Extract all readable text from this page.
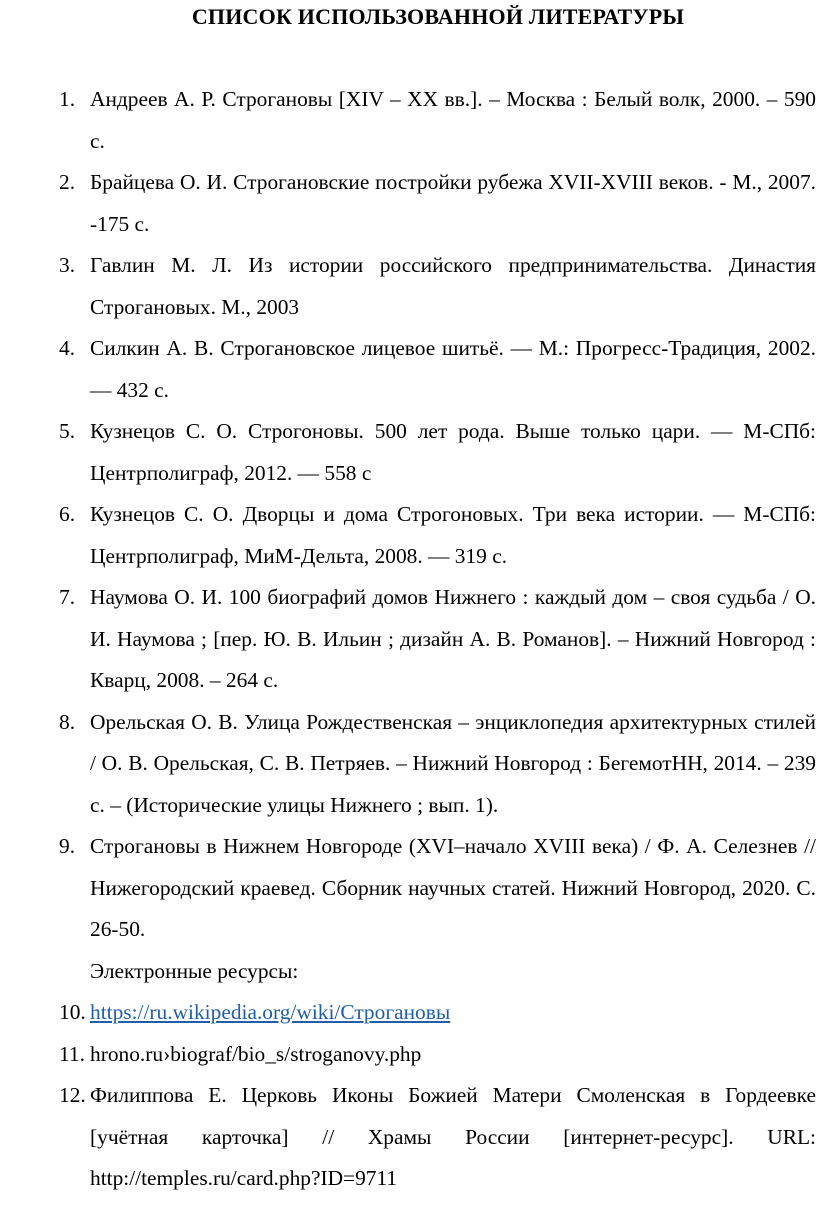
СПИСОК ИСПОЛЬЗОВАННОЙ ЛИТЕРАТУРЫ
1. Андреев А. Р. Строгановы [XIV – XX вв.]. – Москва : Белый волк, 2000. – 590 с.
2. Брайцева О. И. Строгановские постройки рубежа XVII-XVIII веков. - М., 2007. -175 с.
3. Гавлин М. Л. Из истории российского предпринимательства. Династия Строгановых. М., 2003
4. Силкин А. В. Строгановское лицевое шитьё. — М.: Прогресс-Традиция, 2002. — 432 с.
5. Кузнецов С. О. Строгоновы. 500 лет рода. Выше только цари. — М-СПб: Центрполиграф, 2012. — 558 с
6. Кузнецов С. О. Дворцы и дома Строгоновых. Три века истории. — М-СПб: Центрполиграф, МиМ-Дельта, 2008. — 319 с.
7. Наумова О. И. 100 биографий домов Нижнего : каждый дом – своя судьба / О. И. Наумова ; [пер. Ю. В. Ильин ; дизайн А. В. Романов]. – Нижний Новгород : Кварц, 2008. – 264 с.
8. Орельская О. В. Улица Рождественская – энциклопедия архитектурных стилей / О. В. Орельская, С. В. Петряев. – Нижний Новгород : БегемотНН, 2014. – 239 с. – (Исторические улицы Нижнего ; вып. 1).
9. Строгановы в Нижнем Новгороде (XVI–начало XVIII века) / Ф. А. Селезнев // Нижегородский краевед. Сборник научных статей. Нижний Новгород, 2020. С. 26-50.
Электронные ресурсы:
10. https://ru.wikipedia.org/wiki/Строгановы
11. hrono.ru›biograf/bio_s/stroganovy.php
12. Филиппова Е. Церковь Иконы Божией Матери Смоленская в Гордеевке [учётная карточка] // Храмы России [интернет-ресурс]. URL: http://temples.ru/card.php?ID=9711
